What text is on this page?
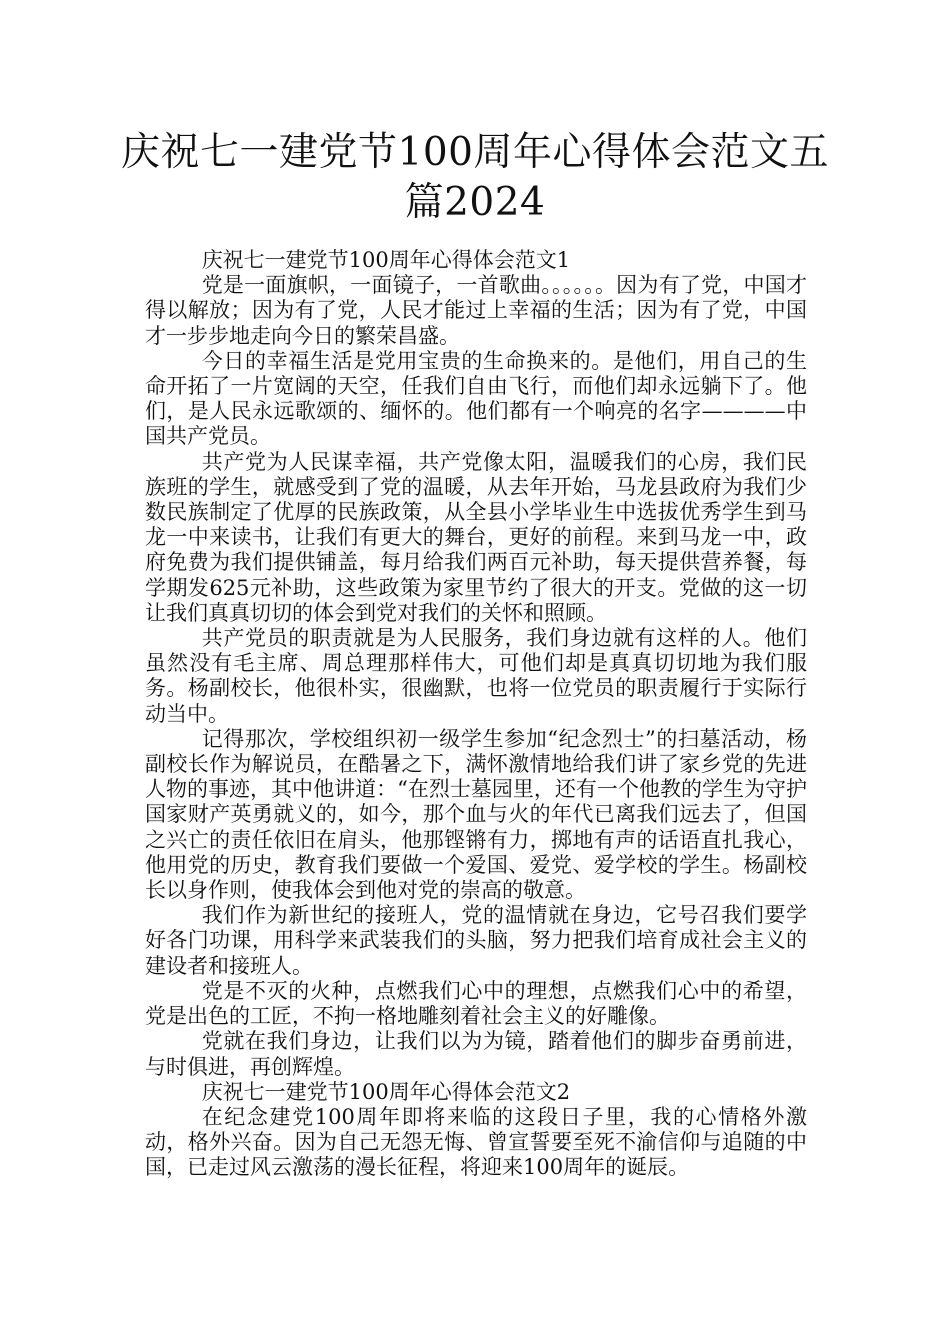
庆祝七一建党节100周年心得体会范文五
篇2024

庆祝七一建党节100周年心得体会范文1

党是一面旗帜，一面镜子，一首歌曲。。。。。。因为有了党，中国才得以解放；因为有了党，人民才能过上幸福的生活；因为有了党，中国才一步步地走向今日的繁荣昌盛。

今日的幸福生活是党用宝贵的生命换来的。是他们，用自己的生命开拓了一片宽阔的天空，任我们自由飞行，而他们却永远躺下了。他们，是人民永远歌颂的、缅怀的。他们都有一个响亮的名字————中国共产党员。

共产党为人民谋幸福，共产党像太阳，温暖我们的心房，我们民族班的学生，就感受到了党的温暖，从去年开始，马龙县政府为我们少数民族制定了优厚的民族政策，从全县小学毕业生中选拔优秀学生到马龙一中来读书，让我们有更大的舞台，更好的前程。来到马龙一中，政府免费为我们提供铺盖，每月给我们两百元补助，每天提供营养餐，每学期发625元补助，这些政策为家里节约了很大的开支。党做的这一切让我们真真切切的体会到党对我们的关怀和照顾。

共产党员的职责就是为人民服务，我们身边就有这样的人。他们虽然没有毛主席、周总理那样伟大，可他们却是真真切切地为我们服务。杨副校长，他很朴实，很幽默，也将一位党员的职责履行于实际行动当中。

记得那次，学校组织初一级学生参加“纪念烈士”的扫墓活动，杨副校长作为解说员，在酷暑之下，满怀激情地给我们讲了家乡党的先进人物的事迹，其中他讲道：“在烈士墓园里，还有一个他教的学生为守护国家财产英勇就义的，如今，那个血与火的年代已离我们远去了，但国之兴亡的责任依旧在肩头，他那铿锵有力，掷地有声的话语直扎我心，他用党的历史，教育我们要做一个爱国、爱党、爱学校的学生。杨副校长以身作则，使我体会到他对党的崇高的敬意。

我们作为新世纪的接班人，党的温情就在身边，它号召我们要学好各门功课，用科学来武装我们的头脑，努力把我们培育成社会主义的建设者和接班人。

党是不灭的火种，点燃我们心中的理想，点燃我们心中的希望，党是出色的工匠，不拘一格地雕刻着社会主义的好雕像。

党就在我们身边，让我们以为为镜，踏着他们的脚步奋勇前进，与时俱进，再创辉煌。

庆祝七一建党节100周年心得体会范文2

在纪念建党100周年即将来临的这段日子里，我的心情格外激动，格外兴奋。因为自己无怨无悔、曾宣誓要至死不渝信仰与追随的中国，已走过风云激荡的漫长征程，将迎来100周年的诞辰。
